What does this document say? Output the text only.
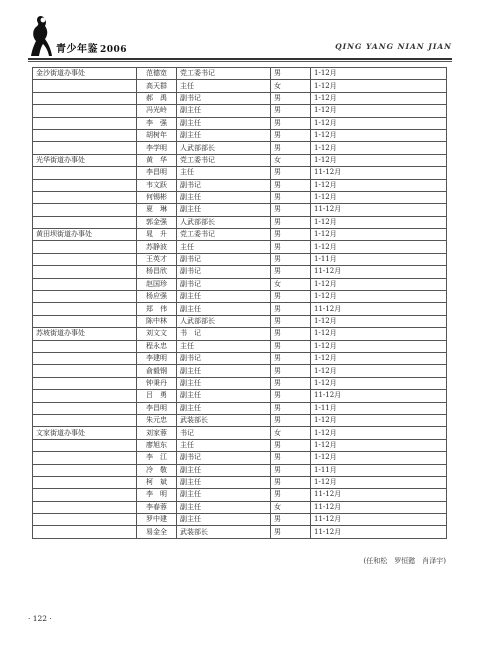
青少年鉴 2006	QING YANG NIAN JIAN
金沙街道办事处	范德宽	党工委书记	男	1-12月
	高天群	主任	女	1-12月
	郝　禹	副书记	男	1-12月
	冯光岭	副主任	男	1-12月
	李　强	副主任	男	1-12月
	胡树年	副主任	男	1-12月
	李学明	人武部部长	男	1-12月
光华街道办事处	黄　华	党工委书记	女	1-12月
	李昌明	主任	男	11-12月
	韦文跃	副书记	男	1-12月
	何锡彬	副主任	男	1-12月
	夏　琳	副主任	男	11-12月
	郭金强	人武部部长	男	1-12月
黄田坝街道办事处	晁　升	党工委书记	男	1-12月
	苏静波	主任	男	1-12月
	王英才	副书记	男	1-11月
	杨昌欣	副书记	男	11-12月
	赵国珍	副书记	女	1-12月
	杨应强	副主任	男	1-12月
	郑　伟	副主任	男	11-12月
	陈中林	人武部部长	男	1-12月
苏坡街道办事处	刘文文	书　记	男	1-12月
	程永忠	主任	男	1-12月
	李建明	副书记	男	1-12月
	俞毅钢	副主任	男	1-12月
	钟秉丹	副主任	男	1-12月
	吕　勇	副主任	男	11-12月
	李昌明	副主任	男	1-11月
	朱元忠	武装部长	男	1-12月
文家街道办事处	刘家蓉	书记	女	1-12月
	廖旭东	主任	男	1-12月
	李　江	副书记	男	1-12月
	冷　敬	副主任	男	1-11月
	柯　斌	副主任	男	1-12月
	李　明	副主任	男	11-12月
	李春蓉	副主任	女	11-12月
	罗中建	副主任	男	11-12月
	易金全	武装部长	男	11-12月
(任和松　罗恒懿　肖泽宇)
· 122 ·
